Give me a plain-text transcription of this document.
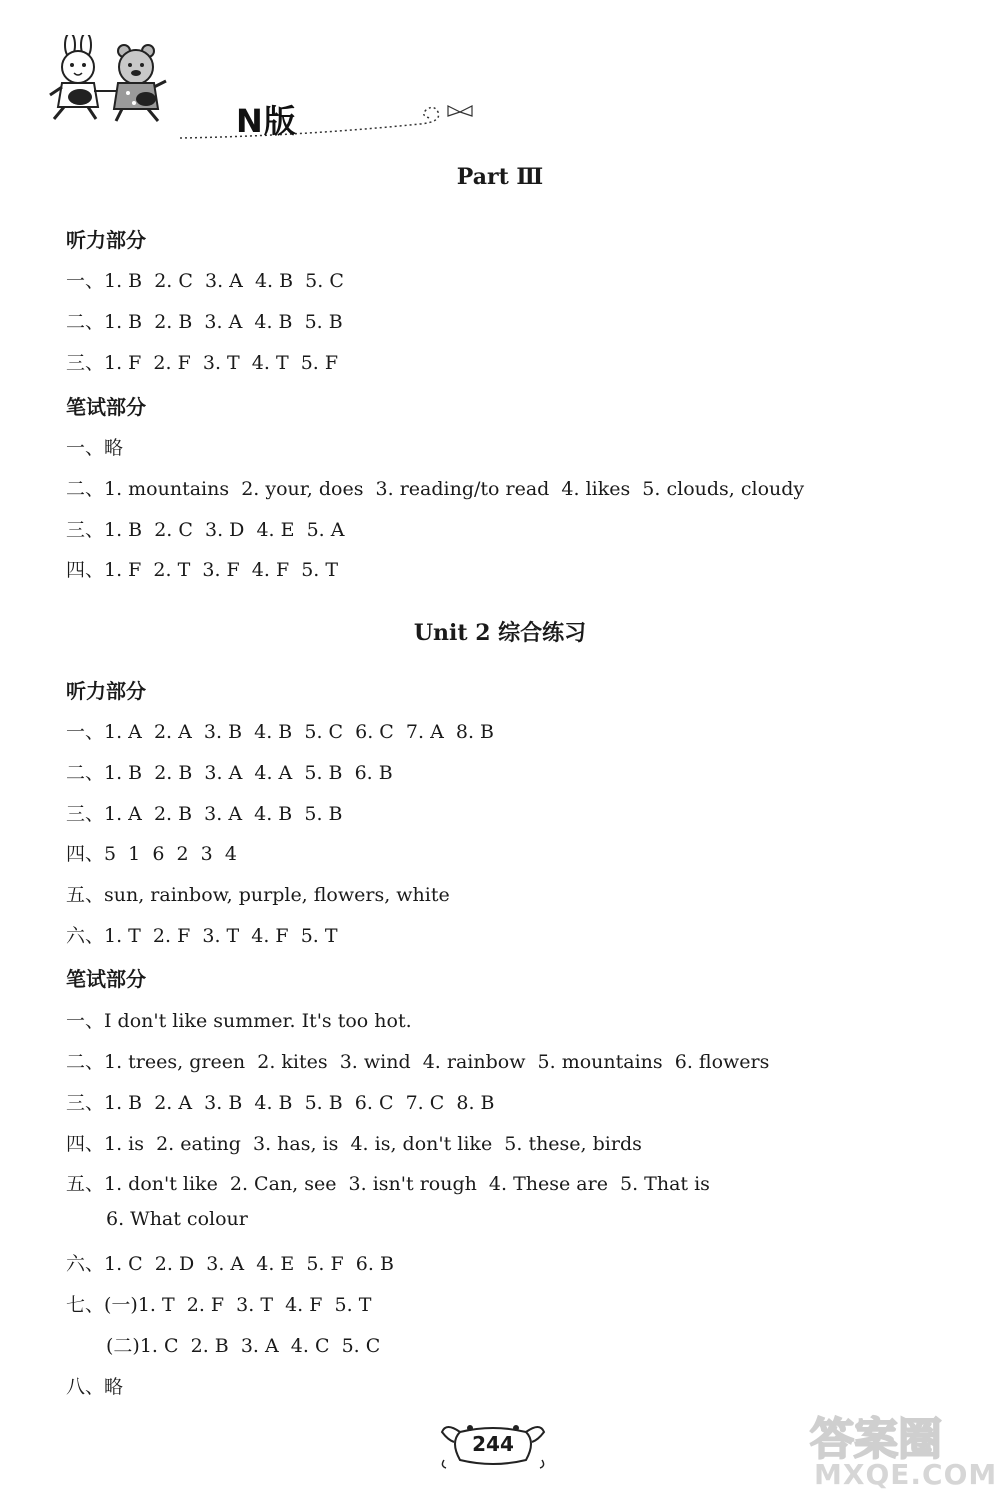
N版
Part Ⅲ
听力部分
一、1. B  2. C  3. A  4. B  5. C
二、1. B  2. B  3. A  4. B  5. B
三、1. F  2. F  3. T  4. T  5. F
笔试部分
一、略
二、1. mountains  2. your, does  3. reading/to read  4. likes  5. clouds, cloudy
三、1. B  2. C  3. D  4. E  5. A
四、1. F  2. T  3. F  4. F  5. T
Unit 2 综合练习
听力部分
一、1. A  2. A  3. B  4. B  5. C  6. C  7. A  8. B
二、1. B  2. B  3. A  4. A  5. B  6. B
三、1. A  2. B  3. A  4. B  5. B
四、5  1  6  2  3  4
五、sun, rainbow, purple, flowers, white
六、1. T  2. F  3. T  4. F  5. T
笔试部分
一、I don't like summer. It's too hot.
二、1. trees, green  2. kites  3. wind  4. rainbow  5. mountains  6. flowers
三、1. B  2. A  3. B  4. B  5. B  6. C  7. C  8. B
四、1. is  2. eating  3. has, is  4. is, don't like  5. these, birds
五、1. don't like  2. Can, see  3. isn't rough  4. These are  5. That is
6. What colour
六、1. C  2. D  3. A  4. E  5. F  6. B
七、(一)1. T  2. F  3. T  4. F  5. T
(二)1. C  2. B  3. A  4. C  5. C
八、略
244	答案圈
MXQE.COM
